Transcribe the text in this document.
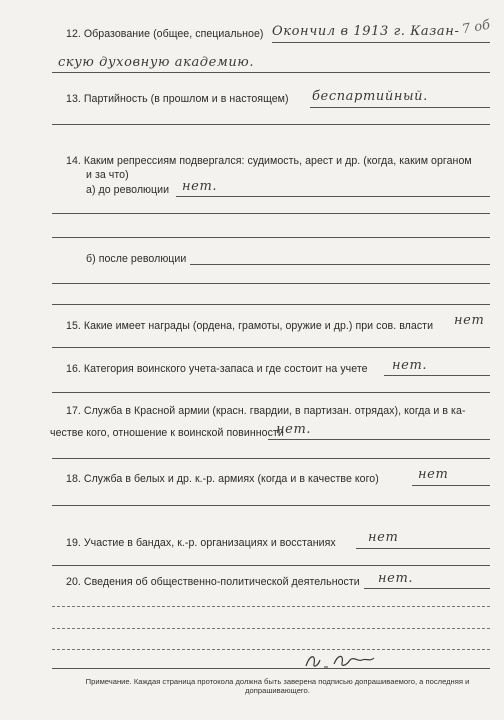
7 об
12. Образование (общее, специальное) Окончил в 1913 г. Казан-
скую духовную академию.
13. Партийность (в прошлом и в настоящем) беспартийный.
14. Каким репрессиям подвергался: судимость, арест и др. (когда, каким органом
и за что)
а) до революции нет.
б) после революции
15. Какие имеет награды (ордена, грамоты, оружие и др.) при сов. власти нет
16. Категория воинского учета-запаса и где состоит на учете нет.
17. Служба в Красной армии (красн. гвардии, в партизан. отрядах), когда и в ка-
честве кого, отношение к воинской повинности
нет.
18. Служба в белых и др. к.-р. армиях (когда и в качестве кого)	нет
19. Участие в бандах, к.-р. организациях и восстаниях нет
20. Сведения об общественно-политической деятельности нет.
Примечание. Каждая страница протокола должна быть заверена подписью допрашиваемого, а последняя и допрашивающего.
